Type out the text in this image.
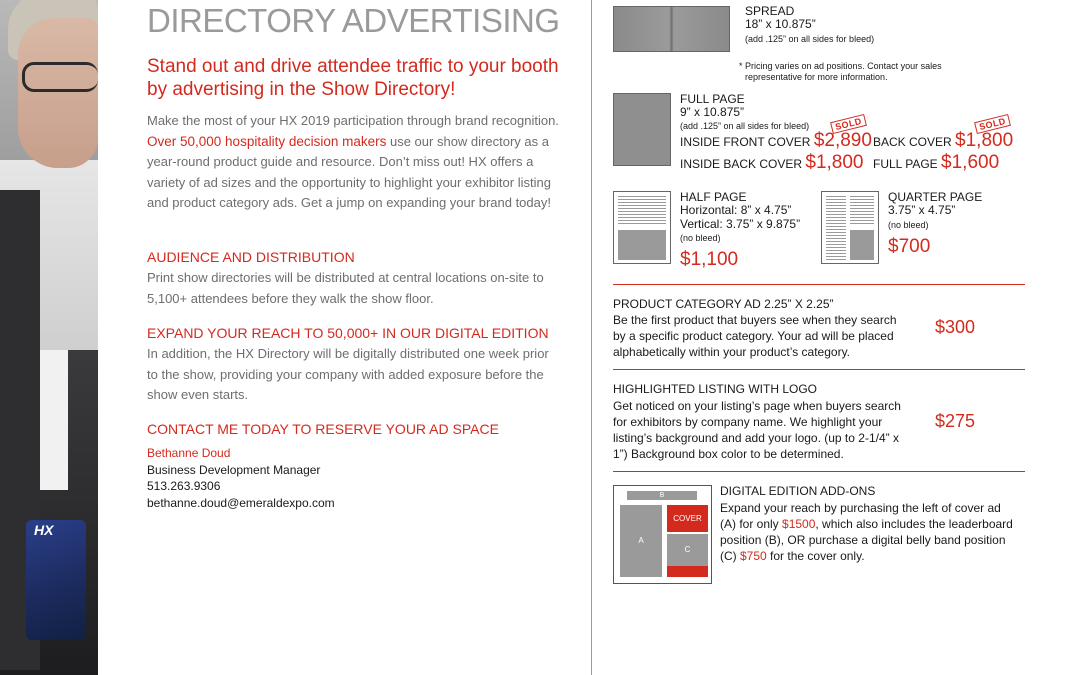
HX
DIRECTORY ADVERTISING
Stand out and drive attendee traffic to your booth by advertising in the Show Directory!
Make the most of your HX 2019 participation through brand recognition. Over 50,000 hospitality decision makers use our show directory as a year-round product guide and resource. Don’t miss out! HX offers a variety of ad sizes and the opportunity to highlight your exhibitor listing and product category ads. Get a jump on expanding your brand today!
AUDIENCE AND DISTRIBUTION
Print show directories will be distributed at central locations on-site to 5,100+ attendees before they walk the show floor.
EXPAND YOUR REACH TO 50,000+ IN OUR DIGITAL EDITION
In addition, the HX Directory will be digitally distributed one week prior to the show, providing your company with added exposure before the show even starts.
CONTACT ME TODAY TO RESERVE YOUR AD SPACE
Bethanne Doud
Business Development Manager
513.263.9306
bethanne.doud@emeraldexpo.com
SPREAD
18” x 10.875”
(add .125” on all sides for bleed)
* Pricing varies on ad positions. Contact your sales
representative for more information.
FULL PAGE
9” x 10.875”
(add .125” on all sides for bleed)
INSIDE FRONT COVER $2,890
SOLD
BACK COVER $1,800
SOLD
INSIDE BACK COVER $1,800 FULL PAGE $1,600
HALF PAGE
Horizontal: 8” x 4.75”
Vertical: 3.75” x 9.875”
(no bleed)
$1,100
QUARTER PAGE
3.75” x 4.75”
(no bleed)
$700
PRODUCT CATEGORY AD 2.25” X 2.25”
Be the first product that buyers see when they search
by a specific product category. Your ad will be placed
alphabetically within your product’s category.
$300
HIGHLIGHTED LISTING WITH LOGO
Get noticed on your listing’s page when buyers search
for exhibitors by company name. We highlight your
listing’s background and add your logo. (up to 2-1/4” x
1”) Background box color to be determined.
$275
B
A
COVER
C
DIGITAL EDITION ADD-ONS
Expand your reach by purchasing the left of cover ad
(A) for only $1500, which also includes the leaderboard
position (B), OR purchase a digital belly band position
(C) $750 for the cover only.
